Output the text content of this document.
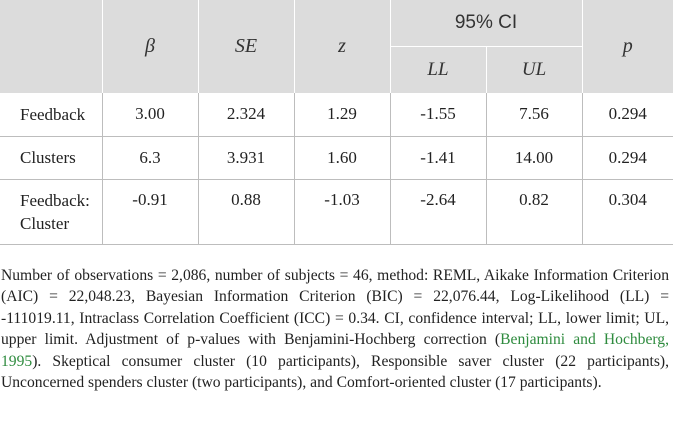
	β	SE	z	95% CI		p
				LL	UL	
Feedback	3.00	2.324	1.29	-1.55	7.56	0.294
Clusters	6.3	3.931	1.60	-1.41	14.00	0.294
Feedback:
Cluster	-0.91	0.88	-1.03	-2.64	0.82	0.304
Number of observations = 2,086, number of subjects = 46, method: REML, Aikake Information Criterion (AIC) = 22,048.23, Bayesian Information Criterion (BIC) = 22,076.44, Log-Likelihood (LL) = -111019.11, Intraclass Correlation Coefficient (ICC) = 0.34. CI, confidence interval; LL, lower limit; UL, upper limit. Adjustment of p-values with Benjamini-Hochberg correction (Benjamini and Hochberg, 1995). Skeptical consumer cluster (10 participants), Responsible saver cluster (22 participants), Unconcerned spenders cluster (two participants), and Comfort-oriented cluster (17 participants).
